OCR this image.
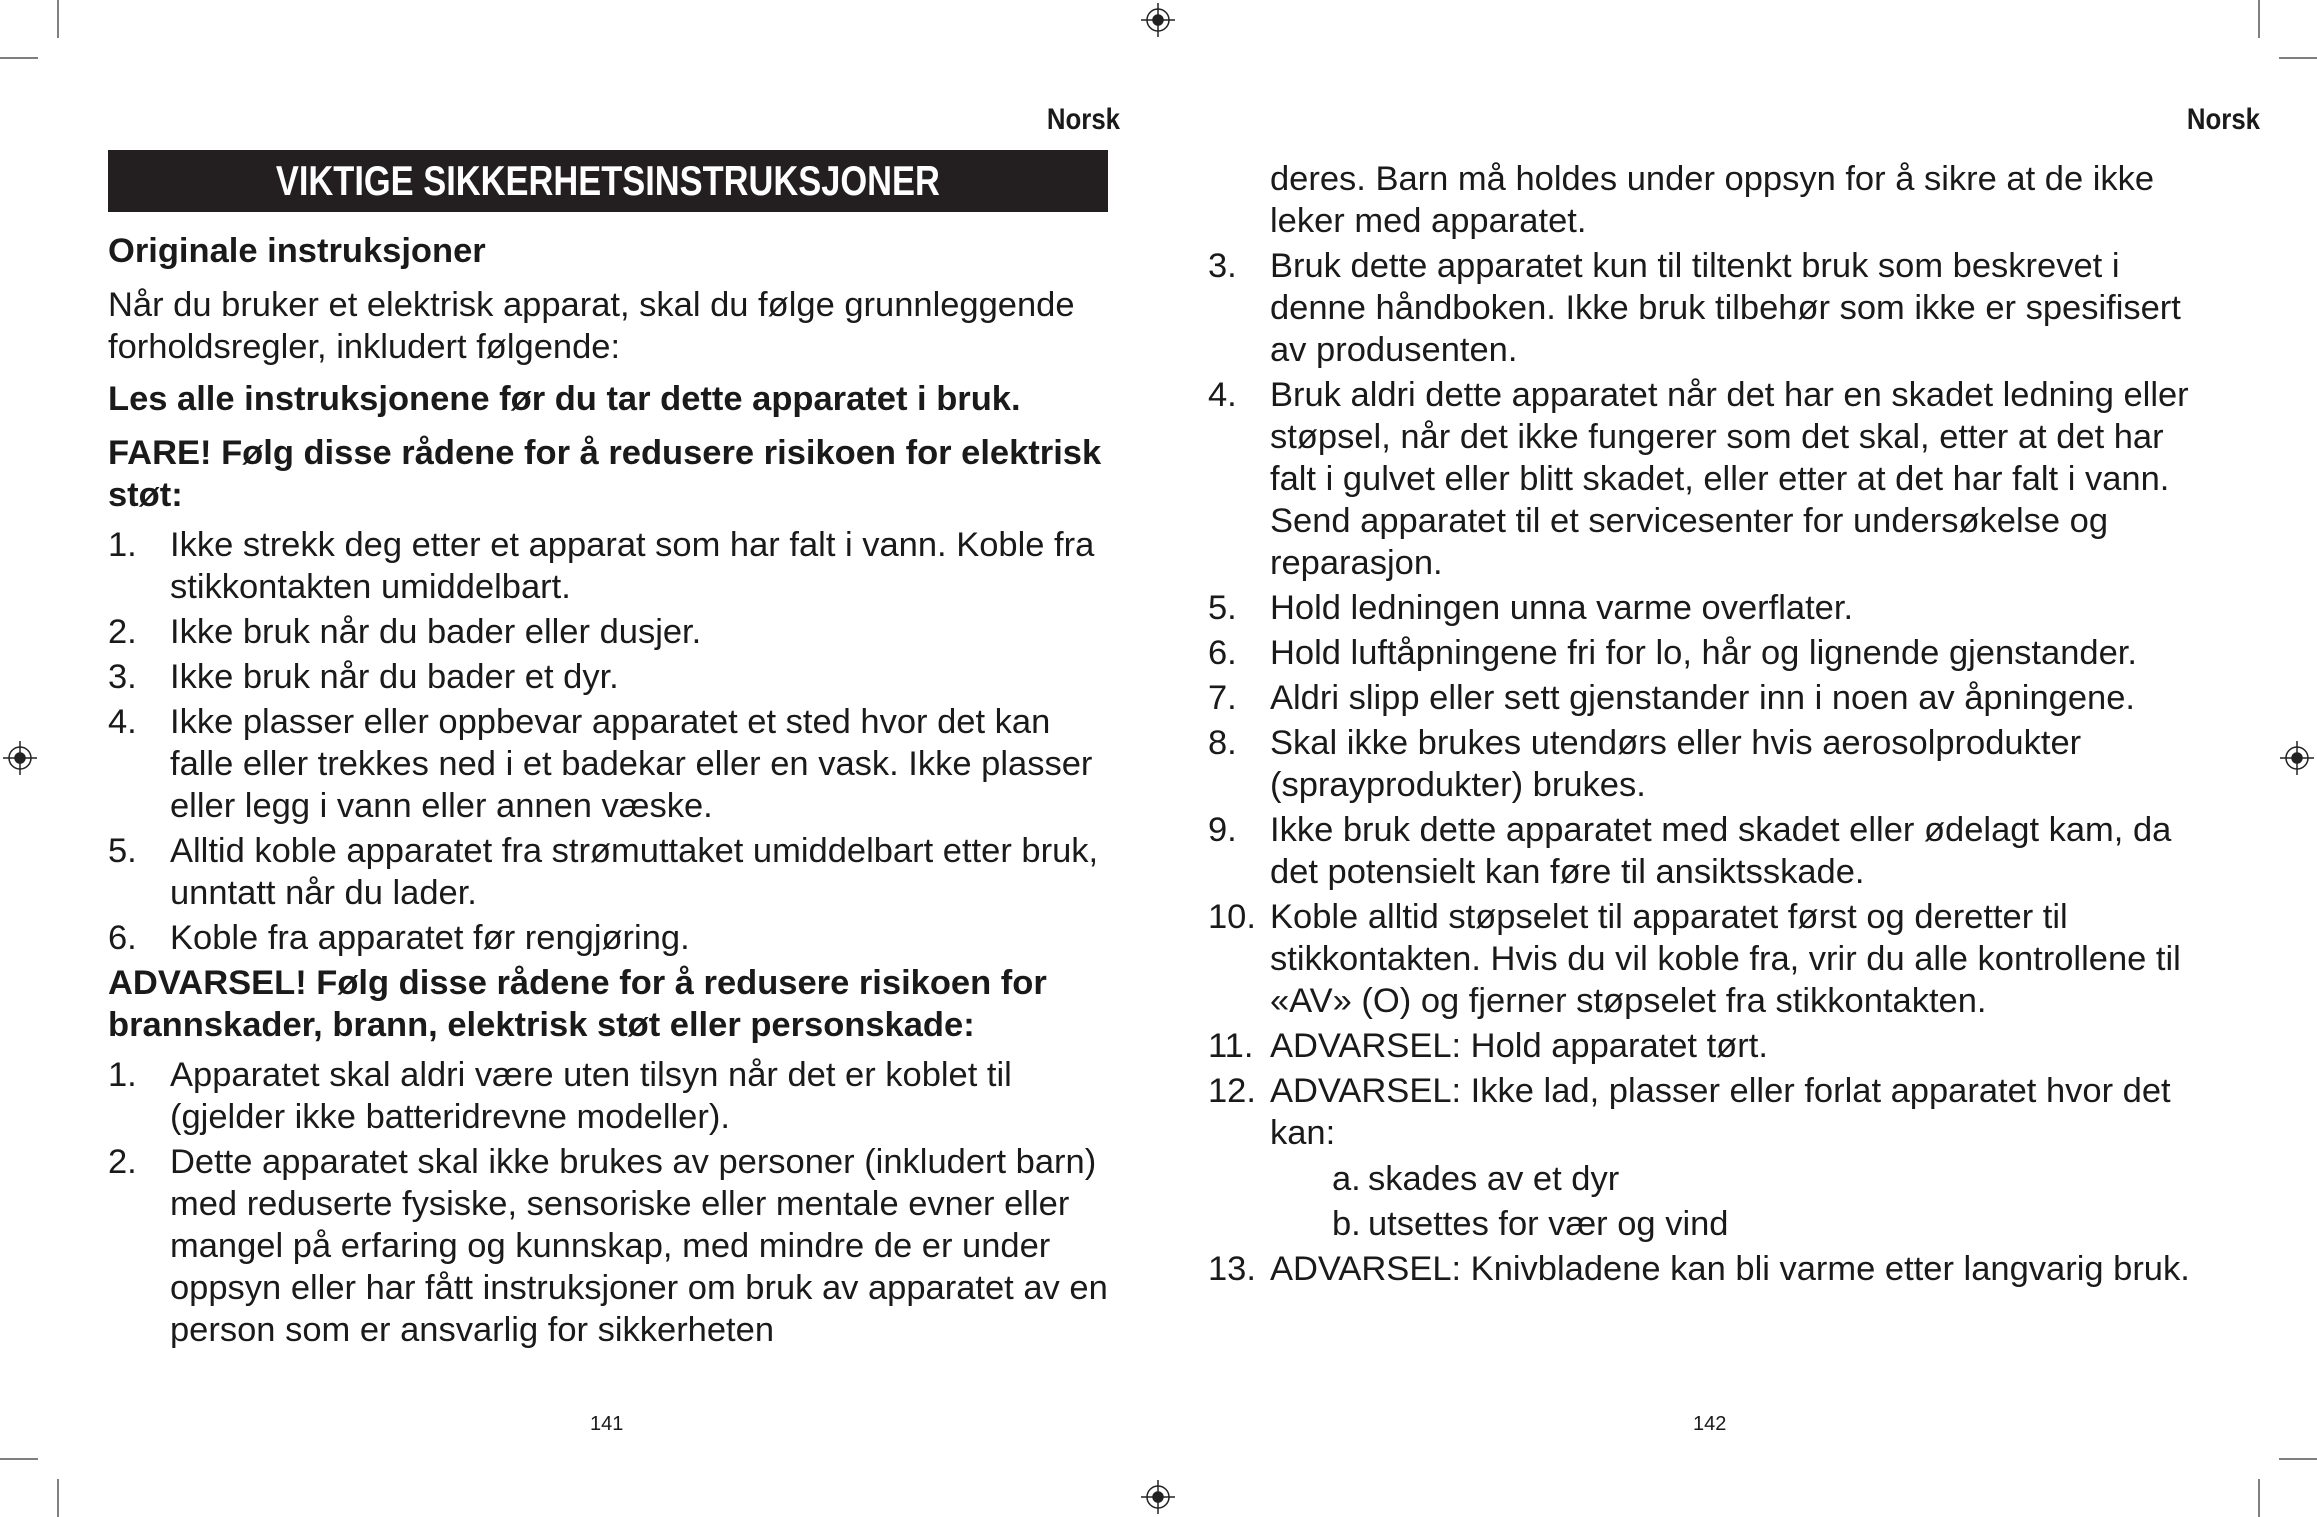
Norsk
VIKTIGE SIKKERHETSINSTRUKSJONER

Originale instruksjoner

Når du bruker et elektrisk apparat, skal du følge grunnleggende forholdsregler, inkludert følgende:

Les alle instruksjonene før du tar dette apparatet i bruk.

FARE! Følg disse rådene for å redusere risikoen for elektrisk støt:

1. Ikke strekk deg etter et apparat som har falt i vann. Koble fra stikkontakten umiddelbart.
2. Ikke bruk når du bader eller dusjer.
3. Ikke bruk når du bader et dyr.
4. Ikke plasser eller oppbevar apparatet et sted hvor det kan falle eller trekkes ned i et badekar eller en vask. Ikke plasser eller legg i vann eller annen væske.
5. Alltid koble apparatet fra strømuttaket umiddelbart etter bruk, unntatt når du lader.
6. Koble fra apparatet før rengjøring.

ADVARSEL! Følg disse rådene for å redusere risikoen for brannskader, brann, elektrisk støt eller personskade:

1. Apparatet skal aldri være uten tilsyn når det er koblet til (gjelder ikke batteridrevne modeller).
2. Dette apparatet skal ikke brukes av personer (inkludert barn) med reduserte fysiske, sensoriske eller mentale evner eller mangel på erfaring og kunnskap, med mindre de er under oppsyn eller har fått instruksjoner om bruk av apparatet av en person som er ansvarlig for sikkerheten
141
Norsk
deres. Barn må holdes under oppsyn for å sikre at de ikke leker med apparatet.
3. Bruk dette apparatet kun til tiltenkt bruk som beskrevet i denne håndboken. Ikke bruk tilbehør som ikke er spesifisert av produsenten.
4. Bruk aldri dette apparatet når det har en skadet ledning eller støpsel, når det ikke fungerer som det skal, etter at det har falt i gulvet eller blitt skadet, eller etter at det har falt i vann. Send apparatet til et servicesenter for undersøkelse og reparasjon.
5. Hold ledningen unna varme overflater.
6. Hold luftåpningene fri for lo, hår og lignende gjenstander.
7. Aldri slipp eller sett gjenstander inn i noen av åpningene.
8. Skal ikke brukes utendørs eller hvis aerosolprodukter (sprayprodukter) brukes.
9. Ikke bruk dette apparatet med skadet eller ødelagt kam, da det potensielt kan føre til ansiktsskade.
10. Koble alltid støpselet til apparatet først og deretter til stikkontakten. Hvis du vil koble fra, vrir du alle kontrollene til «AV» (O) og fjerner støpselet fra stikkontakten.
11. ADVARSEL: Hold apparatet tørt.
12. ADVARSEL: Ikke lad, plasser eller forlat apparatet hvor det kan:
a. skades av et dyr
b. utsettes for vær og vind
13. ADVARSEL: Knivbladene kan bli varme etter langvarig bruk.
142
